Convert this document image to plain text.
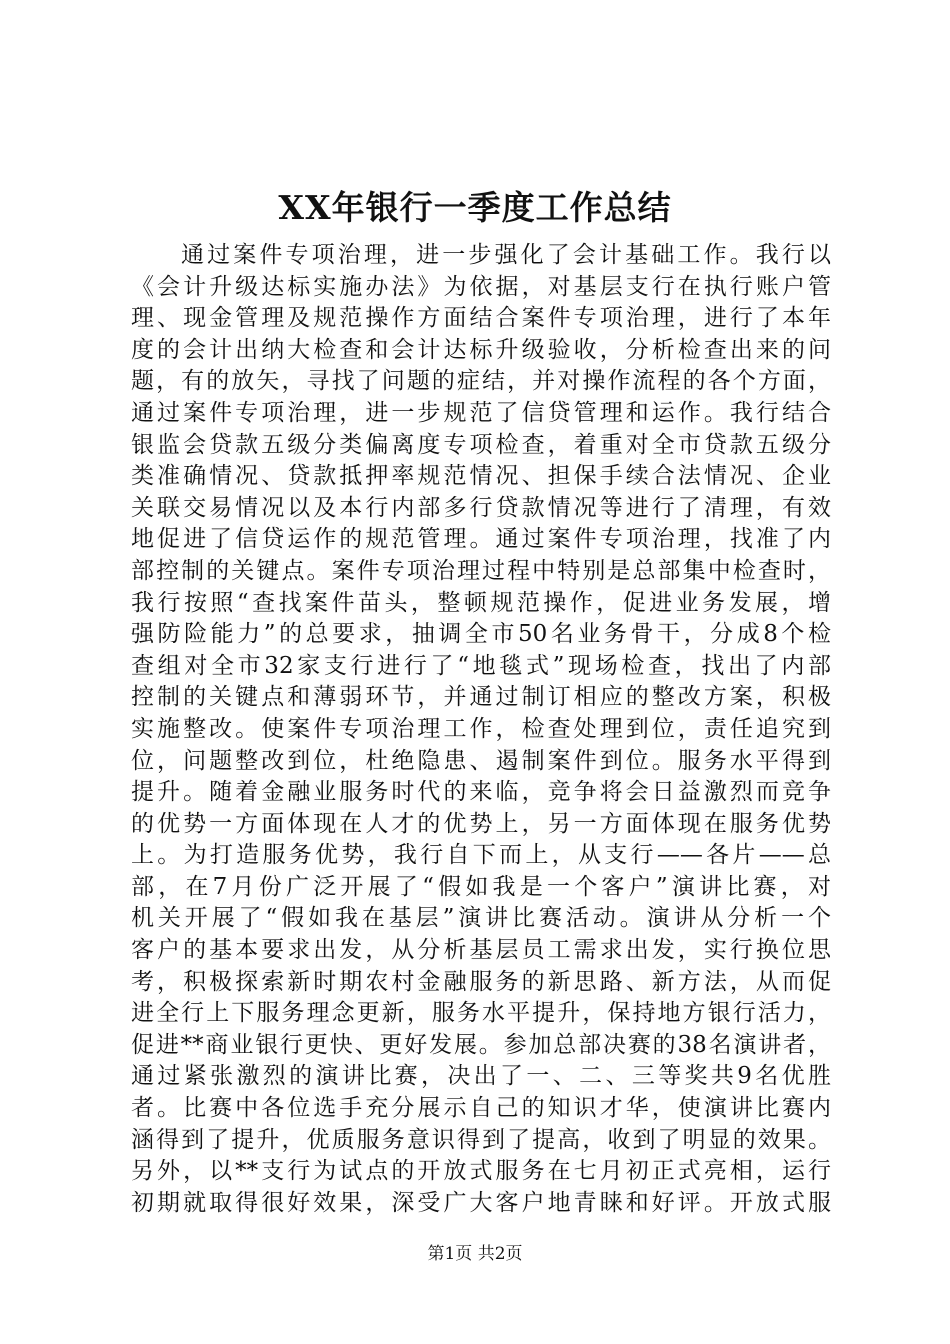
XX年银行一季度工作总结
通过案件专项治理，进一步强化了会计基础工作。我行以
《会计升级达标实施办法》为依据，对基层支行在执行账户管
理、现金管理及规范操作方面结合案件专项治理，进行了本年
度的会计出纳大检查和会计达标升级验收，分析检查出来的问
题，有的放矢，寻找了问题的症结，并对操作流程的各个方面，
通过案件专项治理，进一步规范了信贷管理和运作。我行结合
银监会贷款五级分类偏离度专项检查，着重对全市贷款五级分
类准确情况、贷款抵押率规范情况、担保手续合法情况、企业
关联交易情况以及本行内部多行贷款情况等进行了清理，有效
地促进了信贷运作的规范管理。通过案件专项治理，找准了内
部控制的关键点。案件专项治理过程中特别是总部集中检查时，
我行按照“查找案件苗头，整顿规范操作，促进业务发展，增
强防险能力”的总要求，抽调全市50名业务骨干，分成8个检
查组对全市32家支行进行了“地毯式”现场检查，找出了内部
控制的关键点和薄弱环节，并通过制订相应的整改方案，积极
实施整改。使案件专项治理工作，检查处理到位，责任追究到
位，问题整改到位，杜绝隐患、遏制案件到位。服务水平得到
提升。随着金融业服务时代的来临，竞争将会日益激烈而竞争
的优势一方面体现在人才的优势上，另一方面体现在服务优势
上。为打造服务优势，我行自下而上，从支行——各片——总
部，在7月份广泛开展了“假如我是一个客户”演讲比赛，对
机关开展了“假如我在基层”演讲比赛活动。演讲从分析一个
客户的基本要求出发，从分析基层员工需求出发，实行换位思
考，积极探索新时期农村金融服务的新思路、新方法，从而促
进全行上下服务理念更新，服务水平提升，保持地方银行活力，
促进**商业银行更快、更好发展。参加总部决赛的38名演讲者，
通过紧张激烈的演讲比赛，决出了一、二、三等奖共9名优胜
者。比赛中各位选手充分展示自己的知识才华，使演讲比赛内
涵得到了提升，优质服务意识得到了提高，收到了明显的效果。
另外，以**支行为试点的开放式服务在七月初正式亮相，运行
初期就取得很好效果，深受广大客户地青睐和好评。开放式服
第1页 共2页
